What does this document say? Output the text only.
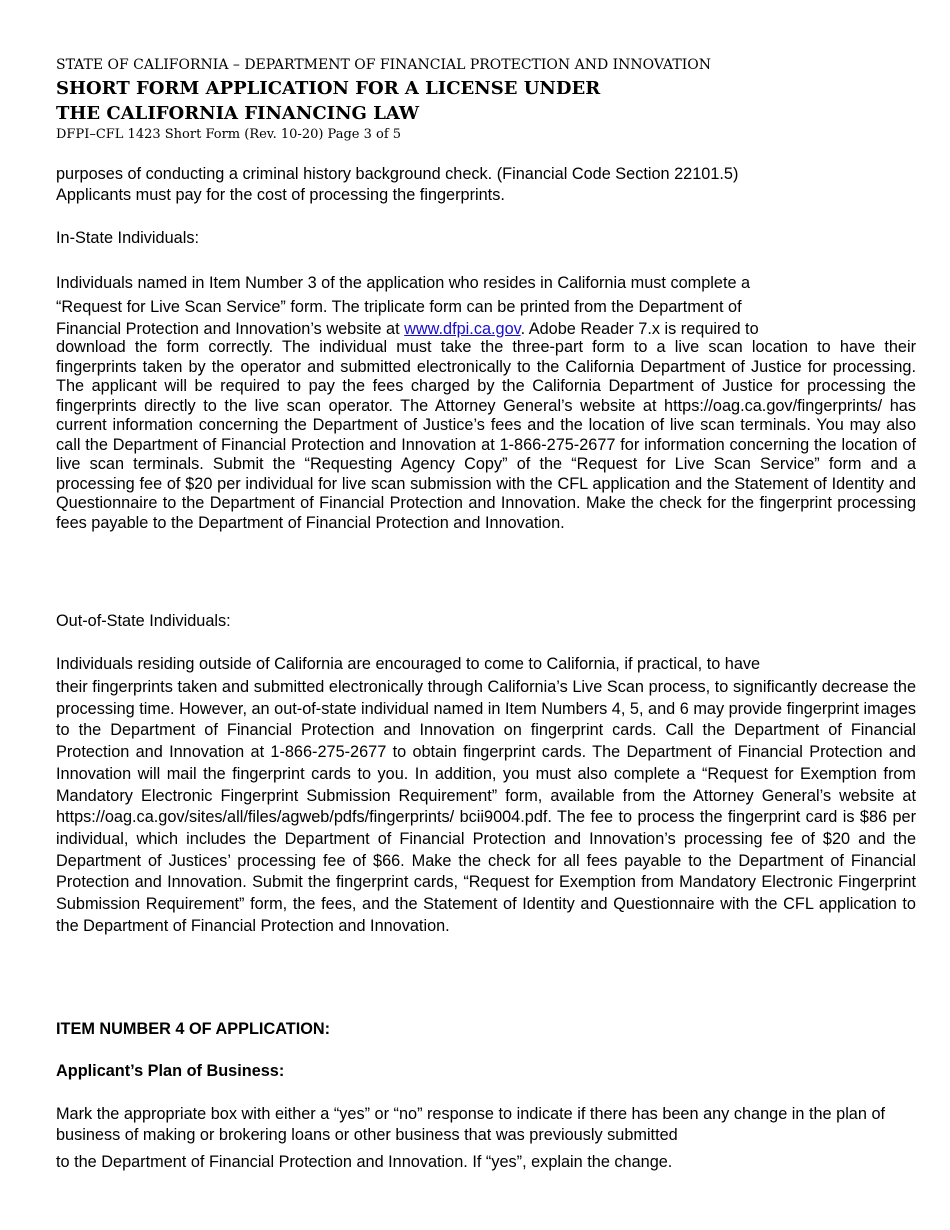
STATE OF CALIFORNIA – DEPARTMENT OF FINANCIAL PROTECTION AND INNOVATION
SHORT FORM APPLICATION FOR A LICENSE UNDER
THE CALIFORNIA FINANCING LAW
DFPI–CFL 1423 Short Form (Rev. 10-20) Page 3 of 5

purposes of conducting a criminal history background check. (Financial Code Section 22101.5)

Applicants must pay for the cost of processing the fingerprints.

In-State Individuals:

Individuals named in Item Number 3 of the application who resides in California must complete a

“Request for Live Scan Service” form. The triplicate form can be printed from the Department of

Financial Protection and Innovation’s website at www.dfpi.ca.gov. Adobe Reader 7.x is required to
download the form correctly. The individual must take the three-part form to a live scan location to have their fingerprints taken by the operator and submitted electronically to the California Department of Justice for processing. The applicant will be required to pay the fees charged by the California Department of Justice for processing the fingerprints directly to the live scan operator. The Attorney General’s website at https://oag.ca.gov/fingerprints/ has current information concerning the Department of Justice’s fees and the location of live scan terminals. You may also call the Department of Financial Protection and Innovation at 1-866-275-2677 for information concerning the location of live scan terminals. Submit the “Requesting Agency Copy” of the “Request for Live Scan Service” form and a processing fee of $20 per individual for live scan submission with the CFL application and the Statement of Identity and Questionnaire to the Department of Financial Protection and Innovation. Make the check for the fingerprint processing fees payable to the Department of Financial Protection and Innovation.
Out-of-State Individuals:
Individuals residing outside of California are encouraged to come to California, if practical, to have
their fingerprints taken and submitted electronically through California’s Live Scan process, to significantly decrease the processing time. However, an out-of-state individual named in Item Numbers 4, 5, and 6 may provide fingerprint images to the Department of Financial Protection and Innovation on fingerprint cards. Call the Department of Financial Protection and Innovation at 1-866-275-2677 to obtain fingerprint cards. The Department of Financial Protection and Innovation will mail the fingerprint cards to you. In addition, you must also complete a “Request for Exemption from Mandatory Electronic Fingerprint Submission Requirement” form, available from the Attorney General’s website at https://oag.ca.gov/sites/all/files/agweb/pdfs/fingerprints/ bcii9004.pdf. The fee to process the fingerprint card is $86 per individual, which includes the Department of Financial Protection and Innovation’s processing fee of $20 and the Department of Justices’ processing fee of $66. Make the check for all fees payable to the Department of Financial Protection and Innovation. Submit the fingerprint cards, “Request for Exemption from Mandatory Electronic Fingerprint Submission Requirement” form, the fees, and the Statement of Identity and Questionnaire with the CFL application to the Department of Financial Protection and Innovation.
ITEM NUMBER 4 OF APPLICATION:
Applicant’s Plan of Business:
Mark the appropriate box with either a “yes” or “no” response to indicate if there has been any change in the plan of business of making or brokering loans or other business that was previously submitted
to the Department of Financial Protection and Innovation. If “yes”, explain the change.
